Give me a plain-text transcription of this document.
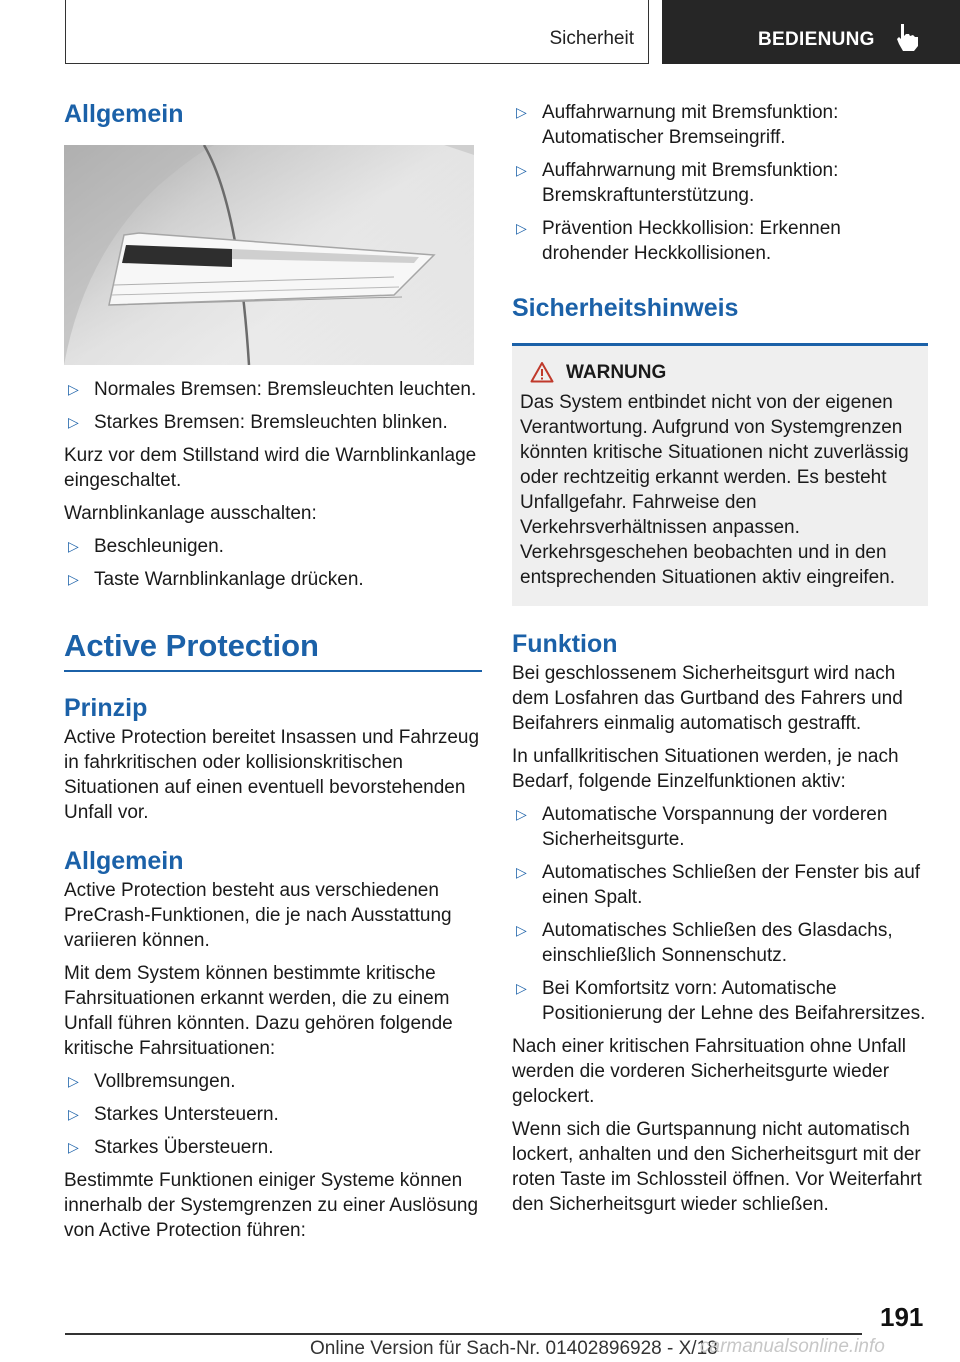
Sicherheit	BEDIENUNG
Allgemein
▷ Normales Bremsen: Bremsleuchten leuchten.
▷ Starkes Bremsen: Bremsleuchten blinken.

Kurz vor dem Stillstand wird die Warnblinkanlage eingeschaltet.

Warnblinkanlage ausschalten:

▷ Beschleunigen.
▷ Taste Warnblinkanlage drücken.
Active Protection
Prinzip

Active Protection bereitet Insassen und Fahrzeug in fahrkritischen oder kollisionskritischen Situationen auf einen eventuell bevorstehenden Unfall vor.

Allgemein

Active Protection besteht aus verschiedenen PreCrash-Funktionen, die je nach Ausstattung variieren können.

Mit dem System können bestimmte kritische Fahrsituationen erkannt werden, die zu einem Unfall führen könnten. Dazu gehören folgende kritische Fahrsituationen:

▷ Vollbremsungen.
▷ Starkes Untersteuern.
▷ Starkes Übersteuern.

Bestimmte Funktionen einiger Systeme können innerhalb der Systemgrenzen zu einer Auslösung von Active Protection führen:

▷ Auffahrwarnung mit Bremsfunktion: Automatischer Bremseingriff.
▷ Auffahrwarnung mit Bremsfunktion: Bremskraftunterstützung.
▷ Prävention Heckkollision: Erkennen drohender Heckkollisionen.
Sicherheitshinweis
WARNUNG

Das System entbindet nicht von der eigenen Verantwortung. Aufgrund von Systemgrenzen könnten kritische Situationen nicht zuverlässig oder rechtzeitig erkannt werden. Es besteht Unfallgefahr. Fahrweise den Verkehrsverhältnissen anpassen. Verkehrsgeschehen beobachten und in den entsprechenden Situationen aktiv eingreifen.

Funktion

Bei geschlossenem Sicherheitsgurt wird nach dem Losfahren das Gurtband des Fahrers und Beifahrers einmalig automatisch gestrafft.

In unfallkritischen Situationen werden, je nach Bedarf, folgende Einzelfunktionen aktiv:

▷ Automatische Vorspannung der vorderen Sicherheitsgurte.
▷ Automatisches Schließen der Fenster bis auf einen Spalt.
▷ Automatisches Schließen des Glasdachs, einschließlich Sonnenschutz.
▷ Bei Komfortsitz vorn: Automatische Positionierung der Lehne des Beifahrersitzes.

Nach einer kritischen Fahrsituation ohne Unfall werden die vorderen Sicherheitsgurte wieder gelockert.

Wenn sich die Gurtspannung nicht automatisch lockert, anhalten und den Sicherheitsgurt mit der roten Taste im Schlossteil öffnen. Vor Weiterfahrt den Sicherheitsgurt wieder schließen.

191
Online Version für Sach-Nr. 01402896928 - X/18
carmanualsonline.info
